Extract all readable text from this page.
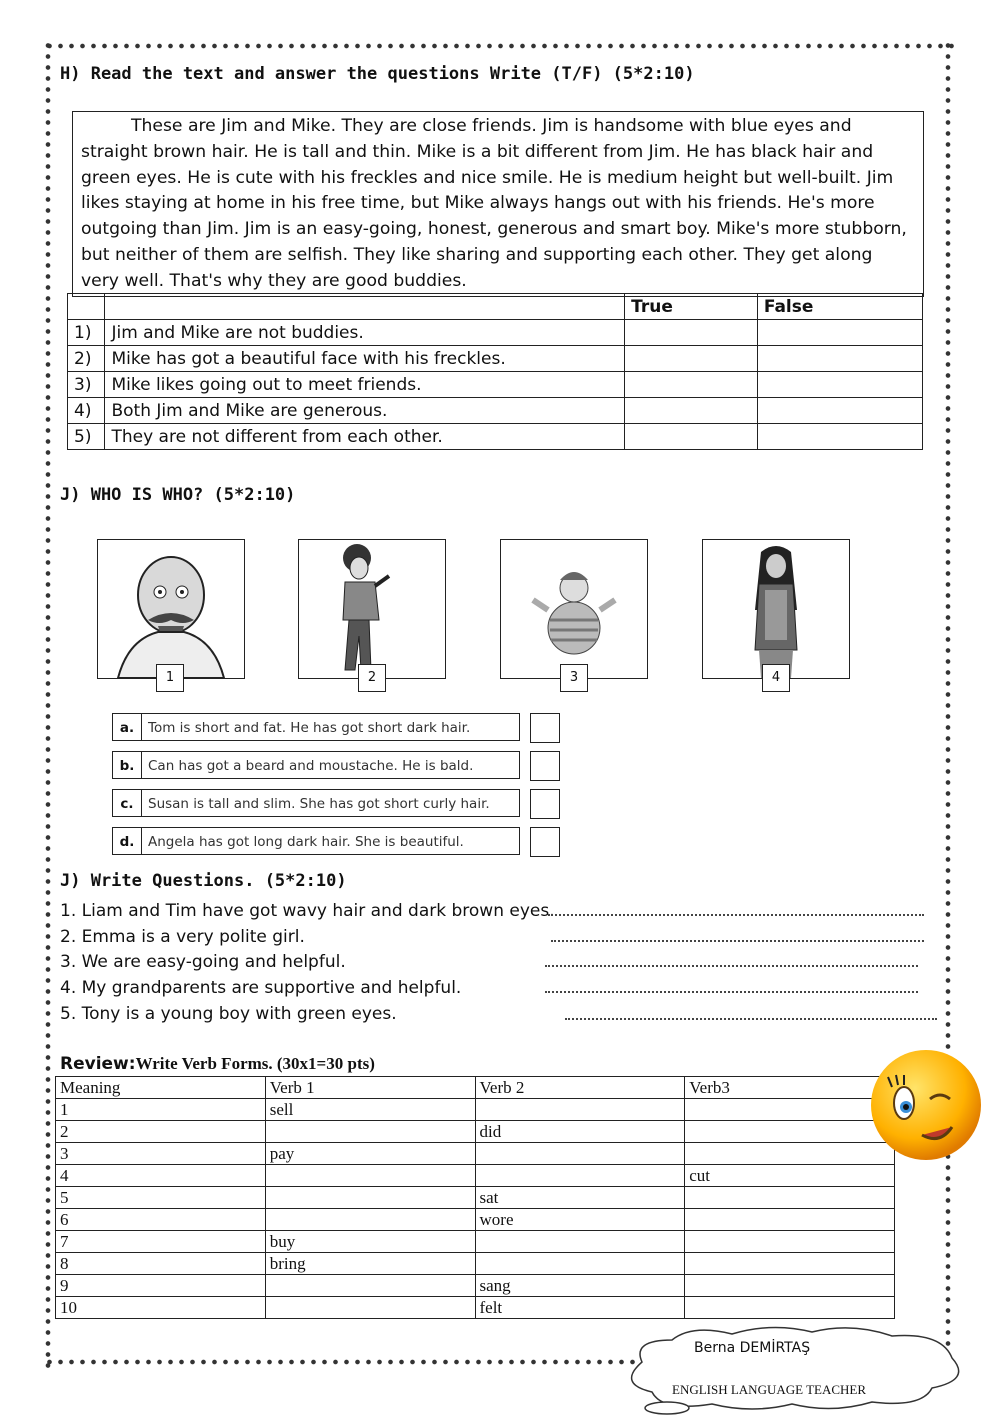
H) Read the text and answer the questions Write (T/F) (5*2:10)

These are Jim and Mike. They are close friends. Jim is handsome with blue eyes and straight brown hair. He is tall and thin. Mike is a bit different from Jim. He has black hair and green eyes. He is cute with his freckles and nice smile. He is medium height but well-built. Jim likes staying at home in his free time, but Mike always hangs out with his friends. He's more outgoing than Jim. Jim is an easy-going, honest, generous and smart boy. Mike's more stubborn, but neither of them are selfish. They like sharing and supporting each other. They get along very well. That's why they are good buddies.

		True	False
1)	Jim and Mike are not buddies.		
2)	Mike has got a beautiful face with his freckles.		
3)	Mike likes going out to meet friends.		
4)	Both Jim and Mike are generous.		
5)	They are not different from each other.		
J) WHO IS WHO? (5*2:10)
1	2	3	4
a.	Tom is short and fat. He has got short dark hair.
b.	Can has got a beard and moustache. He is bald.
c.	Susan is tall and slim. She has got short curly hair.
d.	Angela has got long dark hair. She is beautiful.
J) Write Questions. (5*2:10)
1. Liam and Tim have got wavy hair and dark brown eyes.
2. Emma is a very polite girl.
3. We are easy-going and helpful.
4. My grandparents are supportive and helpful.
5. Tony is a young boy with green eyes.
Review:Write Verb Forms. (30x1=30 pts)
Meaning	Verb 1	Verb 2	Verb3
1	sell		
2		did	
3	pay		
4			cut
5		sat	
6		wore	
7	buy		
8	bring		
9		sang	
10		felt	
Berna DEMİRTAŞ
ENGLISH LANGUAGE TEACHER
